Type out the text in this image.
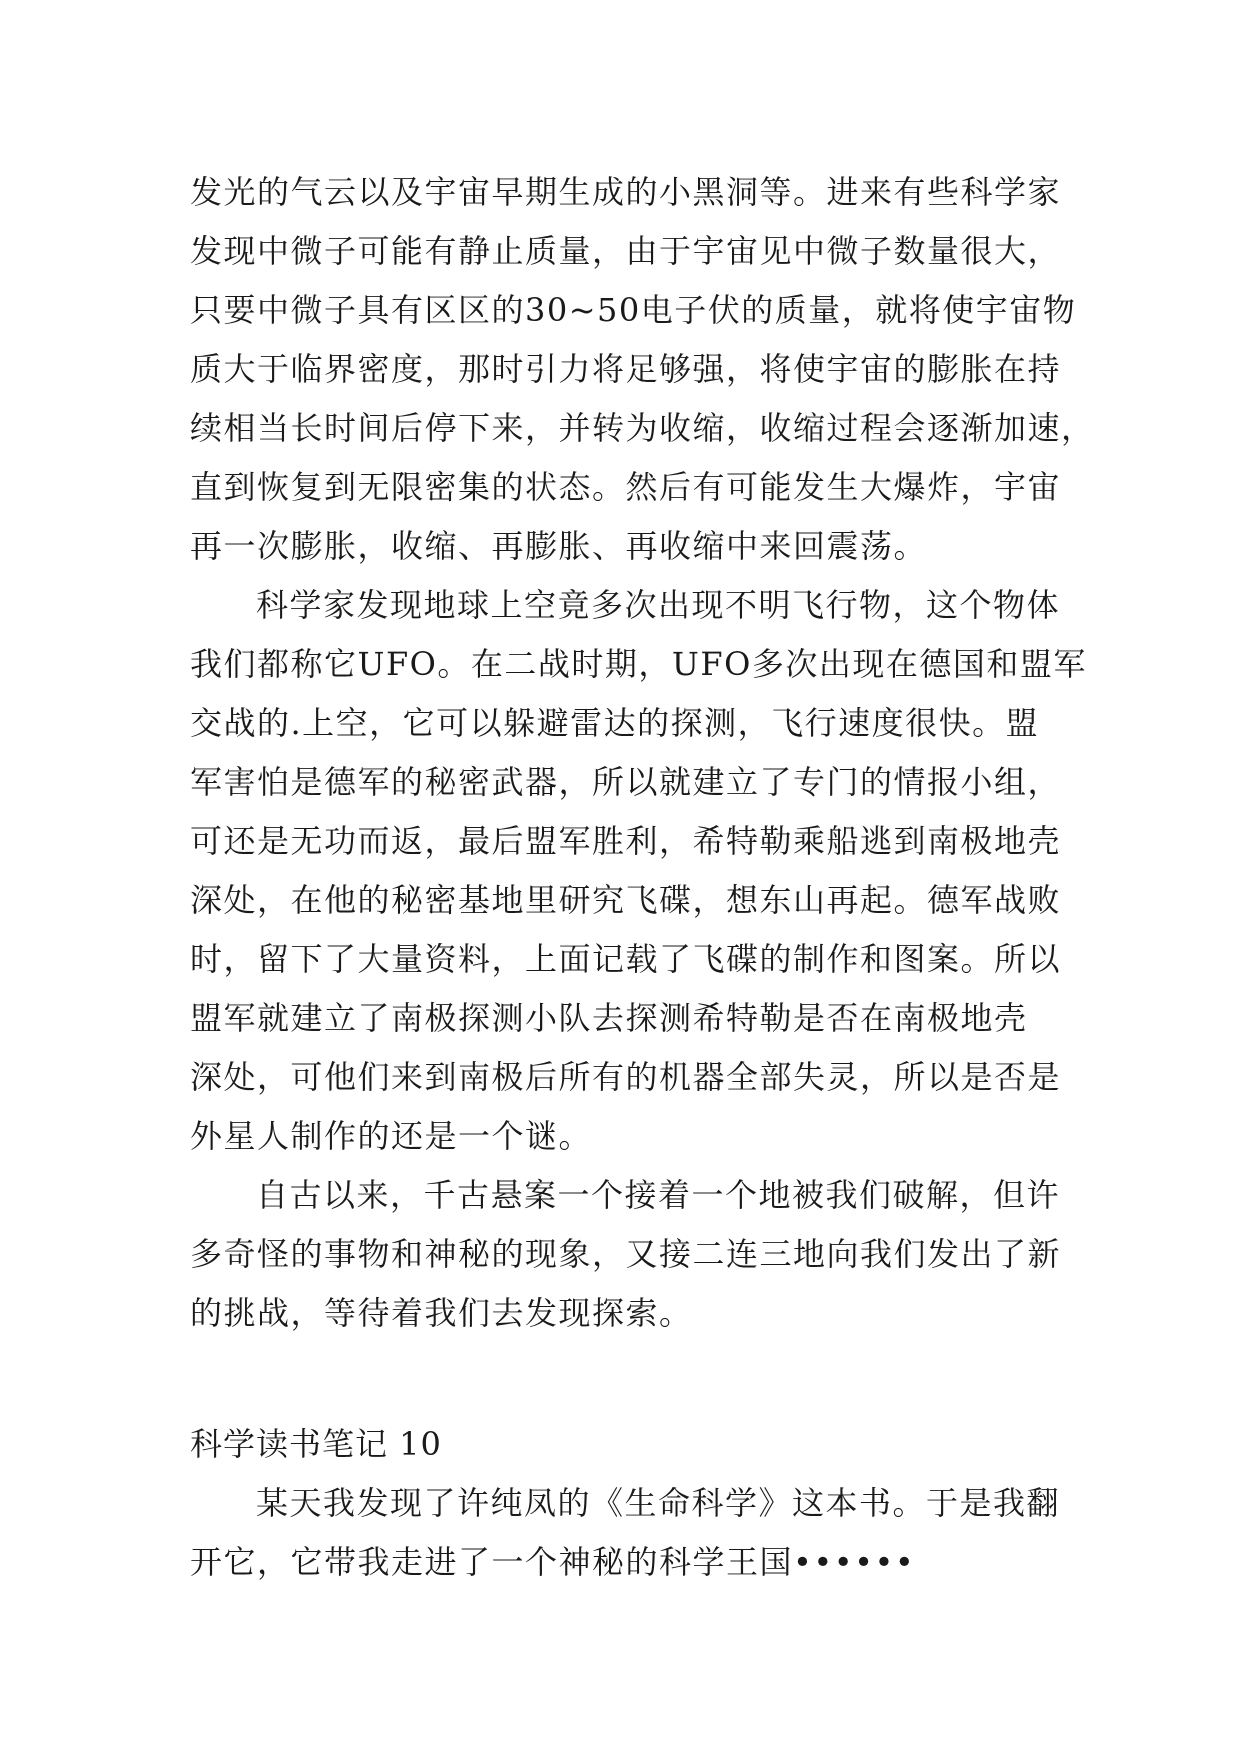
发光的气云以及宇宙早期生成的小黑洞等。进来有些科学家
发现中微子可能有静止质量，由于宇宙见中微子数量很大，
只要中微子具有区区的30~50电子伏的质量，就将使宇宙物
质大于临界密度，那时引力将足够强，将使宇宙的膨胀在持
续相当长时间后停下来，并转为收缩，收缩过程会逐渐加速，
直到恢复到无限密集的状态。然后有可能发生大爆炸，宇宙
再一次膨胀，收缩、再膨胀、再收缩中来回震荡。
科学家发现地球上空竟多次出现不明飞行物，这个物体
我们都称它UFO。在二战时期，UFO多次出现在德国和盟军
交战的.上空，它可以躲避雷达的探测，飞行速度很快。盟
军害怕是德军的秘密武器，所以就建立了专门的情报小组，
可还是无功而返，最后盟军胜利，希特勒乘船逃到南极地壳
深处，在他的秘密基地里研究飞碟，想东山再起。德军战败
时，留下了大量资料，上面记载了飞碟的制作和图案。所以
盟军就建立了南极探测小队去探测希特勒是否在南极地壳
深处，可他们来到南极后所有的机器全部失灵，所以是否是
外星人制作的还是一个谜。
自古以来，千古悬案一个接着一个地被我们破解，但许
多奇怪的事物和神秘的现象，又接二连三地向我们发出了新
的挑战，等待着我们去发现探索。
科学读书笔记 10
某天我发现了许纯凤的《生命科学》这本书。于是我翻
开它，它带我走进了一个神秘的科学王国••••••
